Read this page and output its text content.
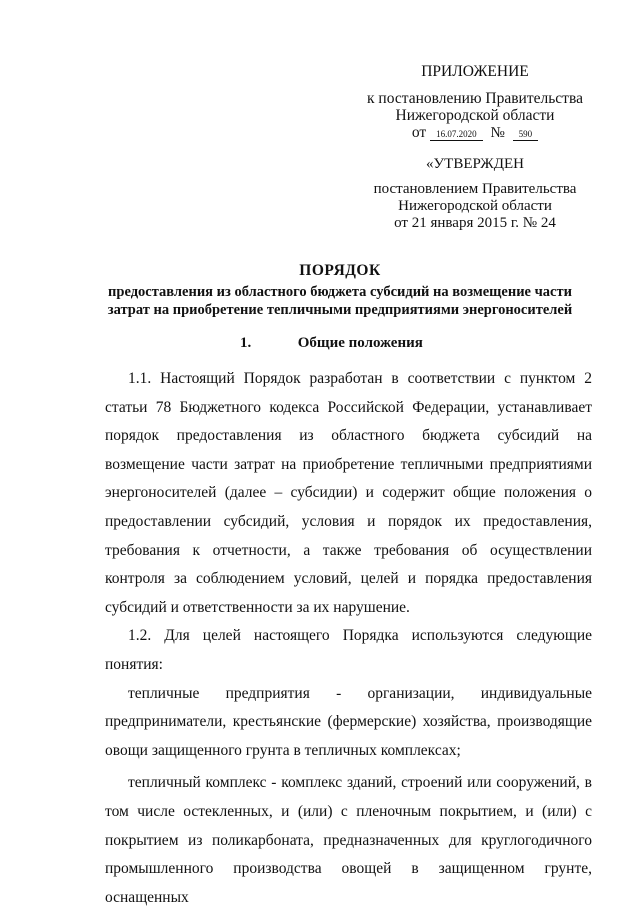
ПРИЛОЖЕНИЕ

к постановлению Правительства

Нижегородской области

от 16.07.2020 № 590

«УТВЕРЖДЕН

постановлением Правительства

Нижегородской области

от 21 января 2015 г. № 24

ПОРЯДОК
предоставления из областного бюджета субсидий на возмещение части
затрат на приобретение тепличными предприятиями энергоносителей
1.	Общие положения

1.1. Настоящий Порядок разработан в соответствии с пунктом 2 статьи 78 Бюджетного кодекса Российской Федерации, устанавливает порядок предоставления из областного бюджета субсидий на возмещение части затрат на приобретение тепличными предприятиями энергоносителей (далее – субсидии) и содержит общие положения о предоставлении субсидий, условия и порядок их предоставления, требования к отчетности, а также требования об осуществлении контроля за соблюдением условий, целей и порядка предоставления субсидий и ответственности за их нарушение.

1.2. Для целей настоящего Порядка используются следующие понятия:

тепличные предприятия - организации, индивидуальные предприниматели, крестьянские (фермерские) хозяйства, производящие овощи защищенного грунта в тепличных комплексах;

тепличный комплекс - комплекс зданий, строений или сооружений, в том числе остекленных, и (или) с пленочным покрытием, и (или) с покрытием из поликарбоната, предназначенных для круглогодичного промышленного производства овощей в защищенном грунте, оснащенных
